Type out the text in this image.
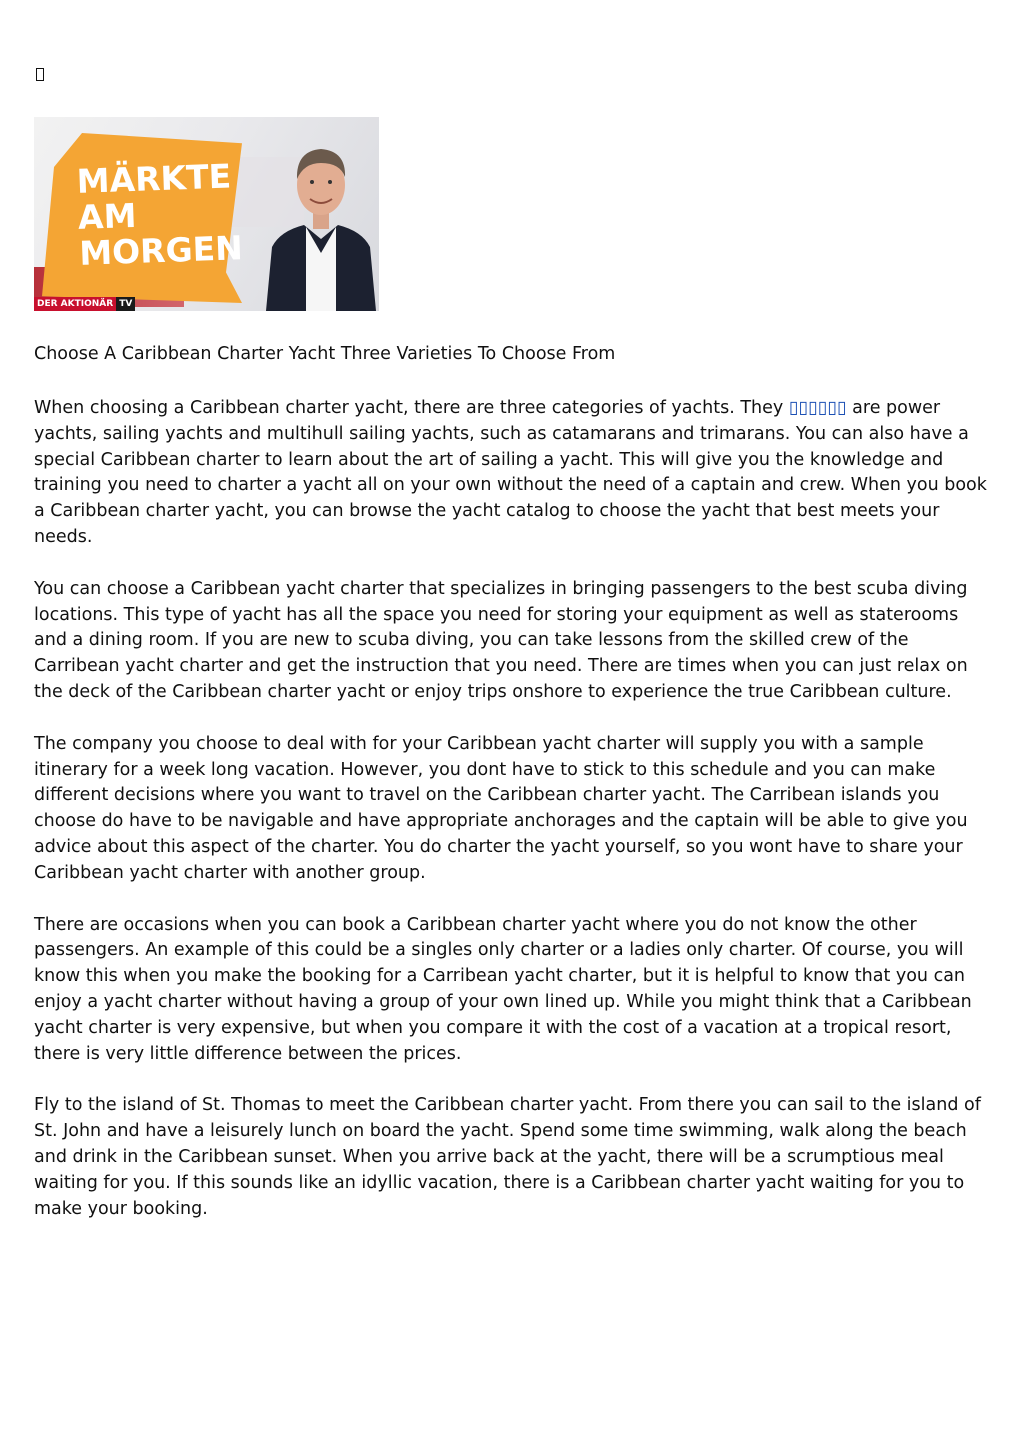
MÄRKTE
AM
MORGEN
DER AKTIONÄR TV
Choose A Caribbean Charter Yacht Three Varieties To Choose From

When choosing a Caribbean charter yacht, there are three categories of yachts. They ▯▯▯▯▯▯ are power yachts, sailing yachts and multihull sailing yachts, such as catamarans and trimarans. You can also have a special Caribbean charter to learn about the art of sailing a yacht. This will give you the knowledge and training you need to charter a yacht all on your own without the need of a captain and crew. When you book a Caribbean charter yacht, you can browse the yacht catalog to choose the yacht that best meets your needs.

You can choose a Caribbean yacht charter that specializes in bringing passengers to the best scuba diving locations. This type of yacht has all the space you need for storing your equipment as well as staterooms and a dining room. If you are new to scuba diving, you can take lessons from the skilled crew of the Carribean yacht charter and get the instruction that you need. There are times when you can just relax on the deck of the Caribbean charter yacht or enjoy trips onshore to experience the true Caribbean culture.

The company you choose to deal with for your Caribbean yacht charter will supply you with a sample itinerary for a week long vacation. However, you dont have to stick to this schedule and you can make different decisions where you want to travel on the Caribbean charter yacht. The Carribean islands you choose do have to be navigable and have appropriate anchorages and the captain will be able to give you advice about this aspect of the charter. You do charter the yacht yourself, so you wont have to share your Caribbean yacht charter with another group.

There are occasions when you can book a Caribbean charter yacht where you do not know the other passengers. An example of this could be a singles only charter or a ladies only charter. Of course, you will know this when you make the booking for a Carribean yacht charter, but it is helpful to know that you can enjoy a yacht charter without having a group of your own lined up. While you might think that a Caribbean yacht charter is very expensive, but when you compare it with the cost of a vacation at a tropical resort, there is very little difference between the prices.

Fly to the island of St. Thomas to meet the Caribbean charter yacht. From there you can sail to the island of St. John and have a leisurely lunch on board the yacht. Spend some time swimming, walk along the beach and drink in the Caribbean sunset. When you arrive back at the yacht, there will be a scrumptious meal waiting for you. If this sounds like an idyllic vacation, there is a Caribbean charter yacht waiting for you to make your booking.
